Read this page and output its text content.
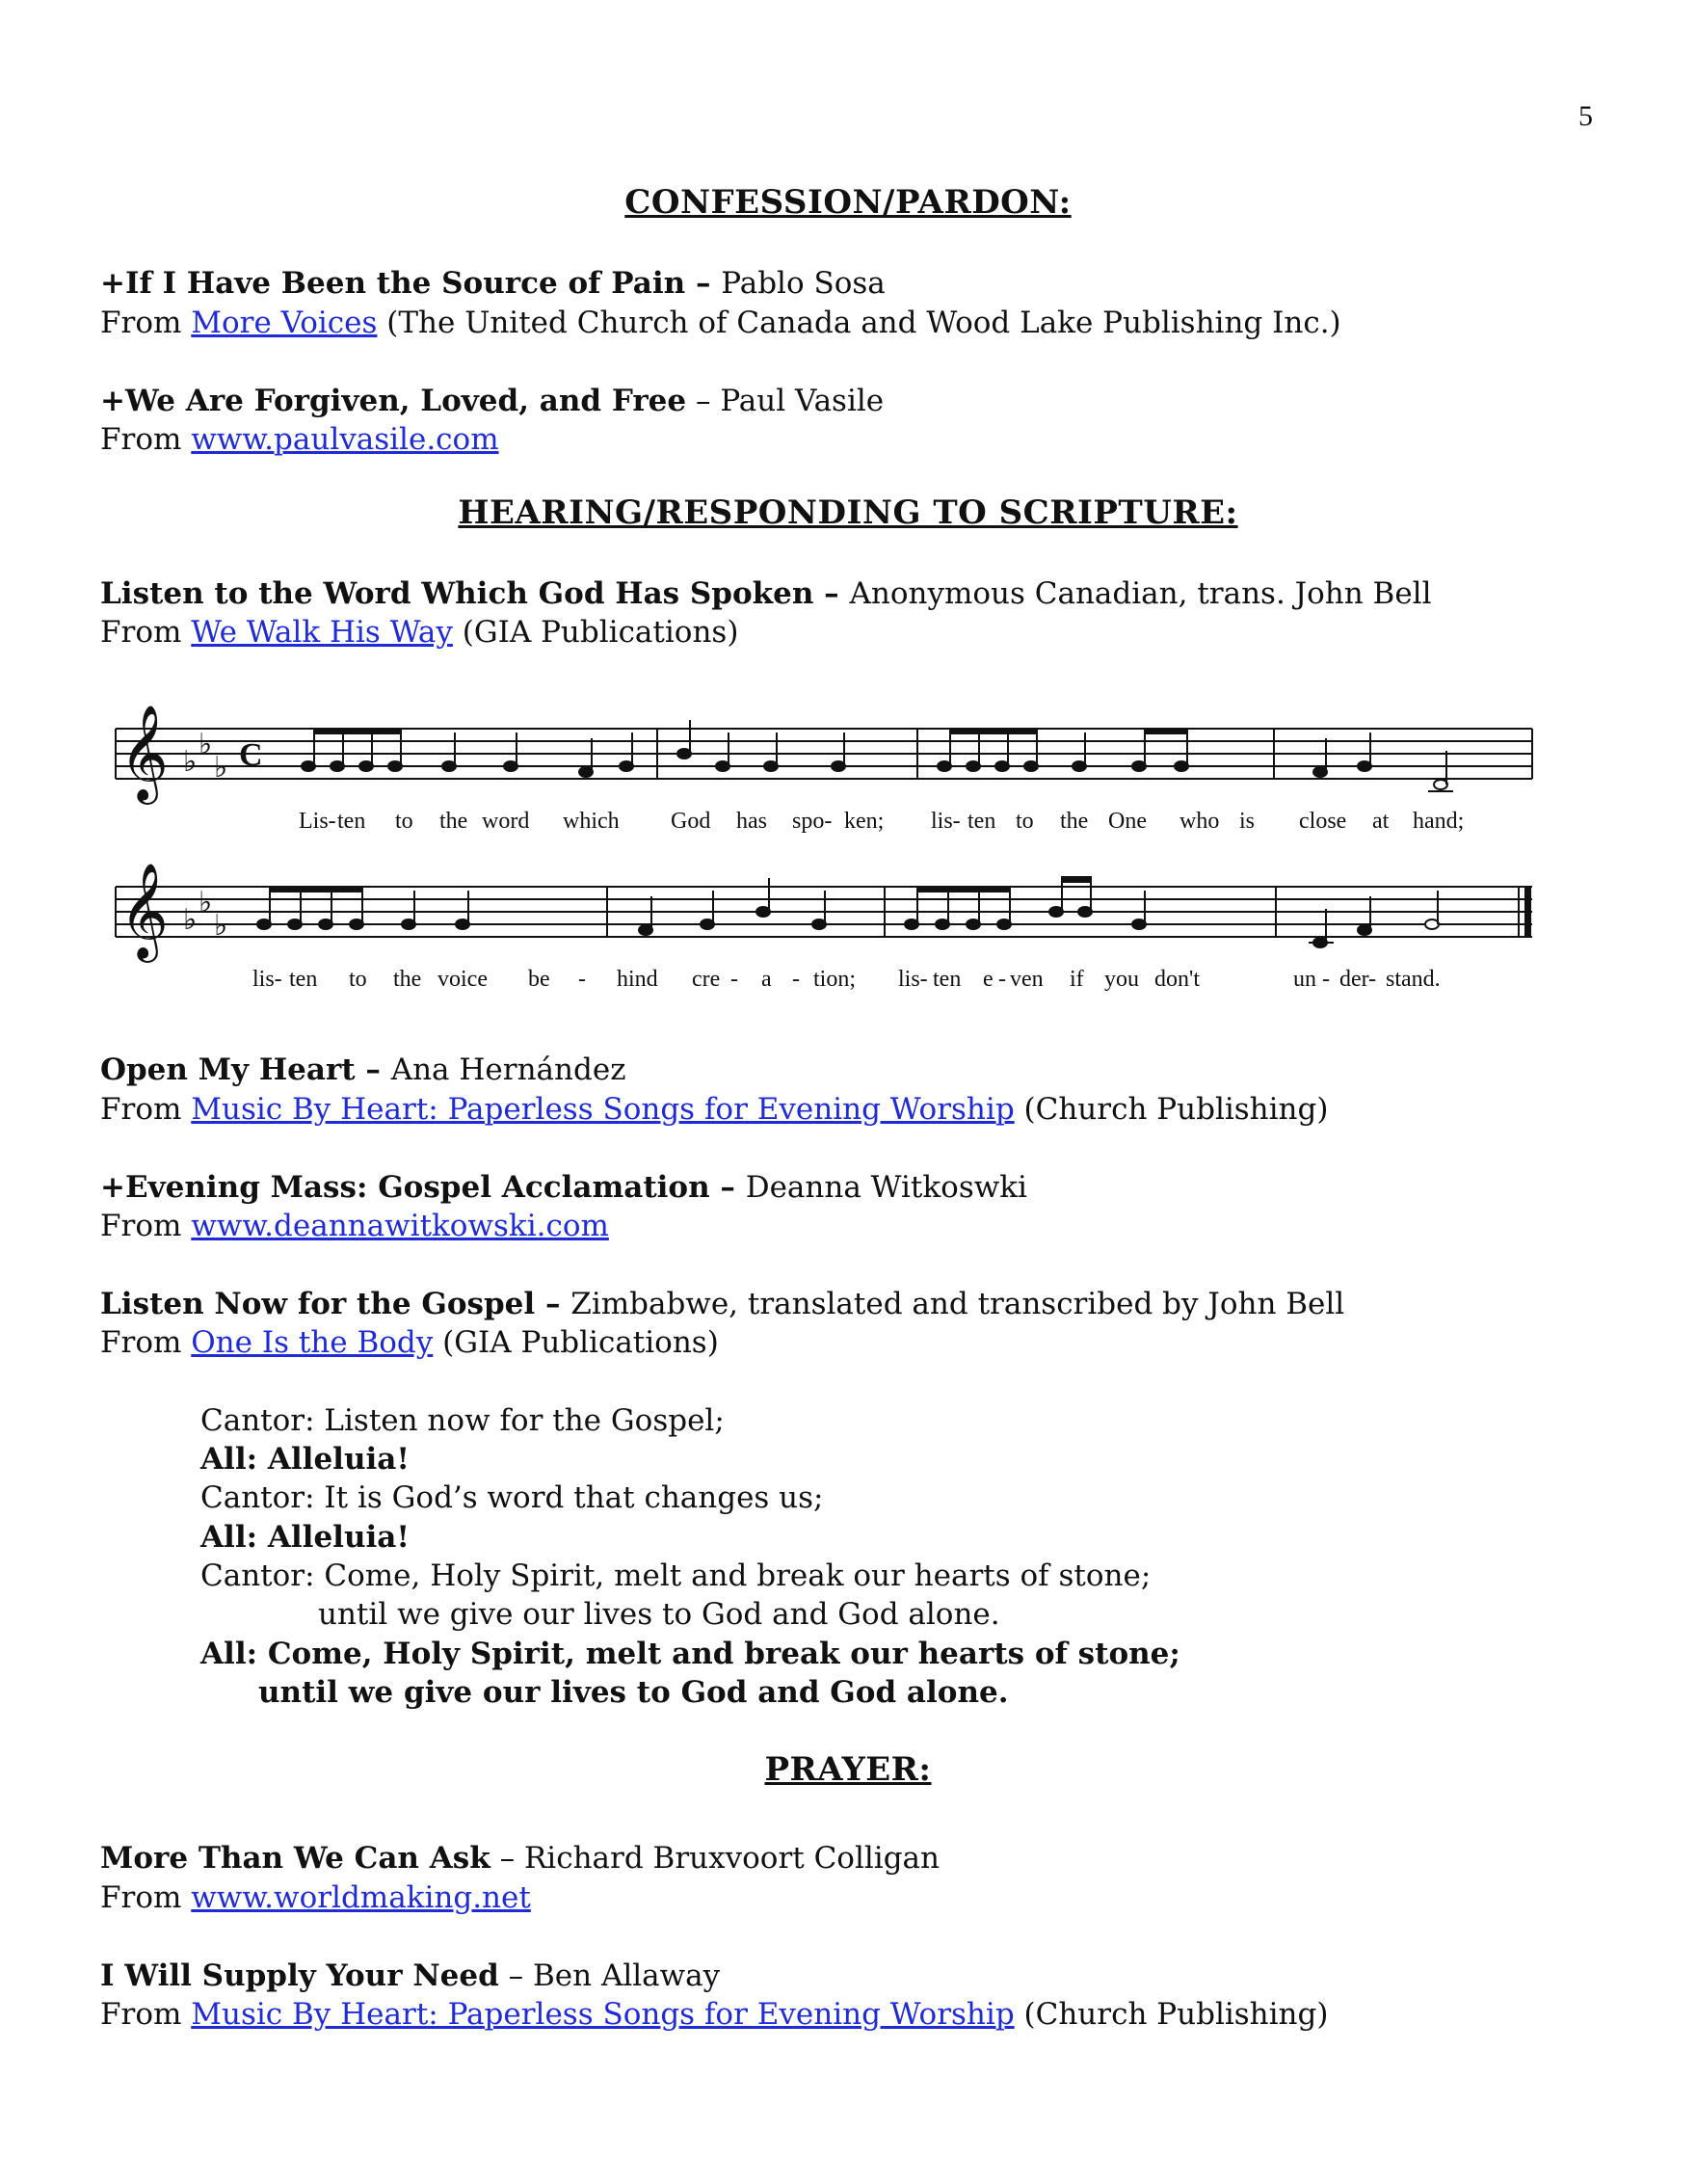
5
CONFESSION/PARDON:
+If I Have Been the Source of Pain – Pablo Sosa
From More Voices (The United Church of Canada and Wood Lake Publishing Inc.)
+We Are Forgiven, Loved, and Free – Paul Vasile
From www.paulvasile.com
HEARING/RESPONDING TO SCRIPTURE:
Listen to the Word Which God Has Spoken – Anonymous Canadian, trans. John Bell
From We Walk His Way (GIA Publications)
𝄞 ♭
♭
♭ C
Lis- ten to the word which God has spo- ken; lis- ten to the One who is close at hand;
𝄞 ♭
♭
♭
lis- ten to the voice be - hind cre - a - tion; lis- ten e - ven if you don't	un - der- stand.
Open My Heart – Ana Hernández
From Music By Heart: Paperless Songs for Evening Worship (Church Publishing)
+Evening Mass: Gospel Acclamation – Deanna Witkoswki
From www.deannawitkowski.com
Listen Now for the Gospel – Zimbabwe, translated and transcribed by John Bell
From One Is the Body (GIA Publications)
Cantor: Listen now for the Gospel;
All: Alleluia!
Cantor: It is God’s word that changes us;
All: Alleluia!
Cantor: Come, Holy Spirit, melt and break our hearts of stone;
until we give our lives to God and God alone.
All: Come, Holy Spirit, melt and break our hearts of stone;
until we give our lives to God and God alone.
PRAYER:
More Than We Can Ask – Richard Bruxvoort Colligan
From www.worldmaking.net
I Will Supply Your Need – Ben Allaway
From Music By Heart: Paperless Songs for Evening Worship (Church Publishing)
